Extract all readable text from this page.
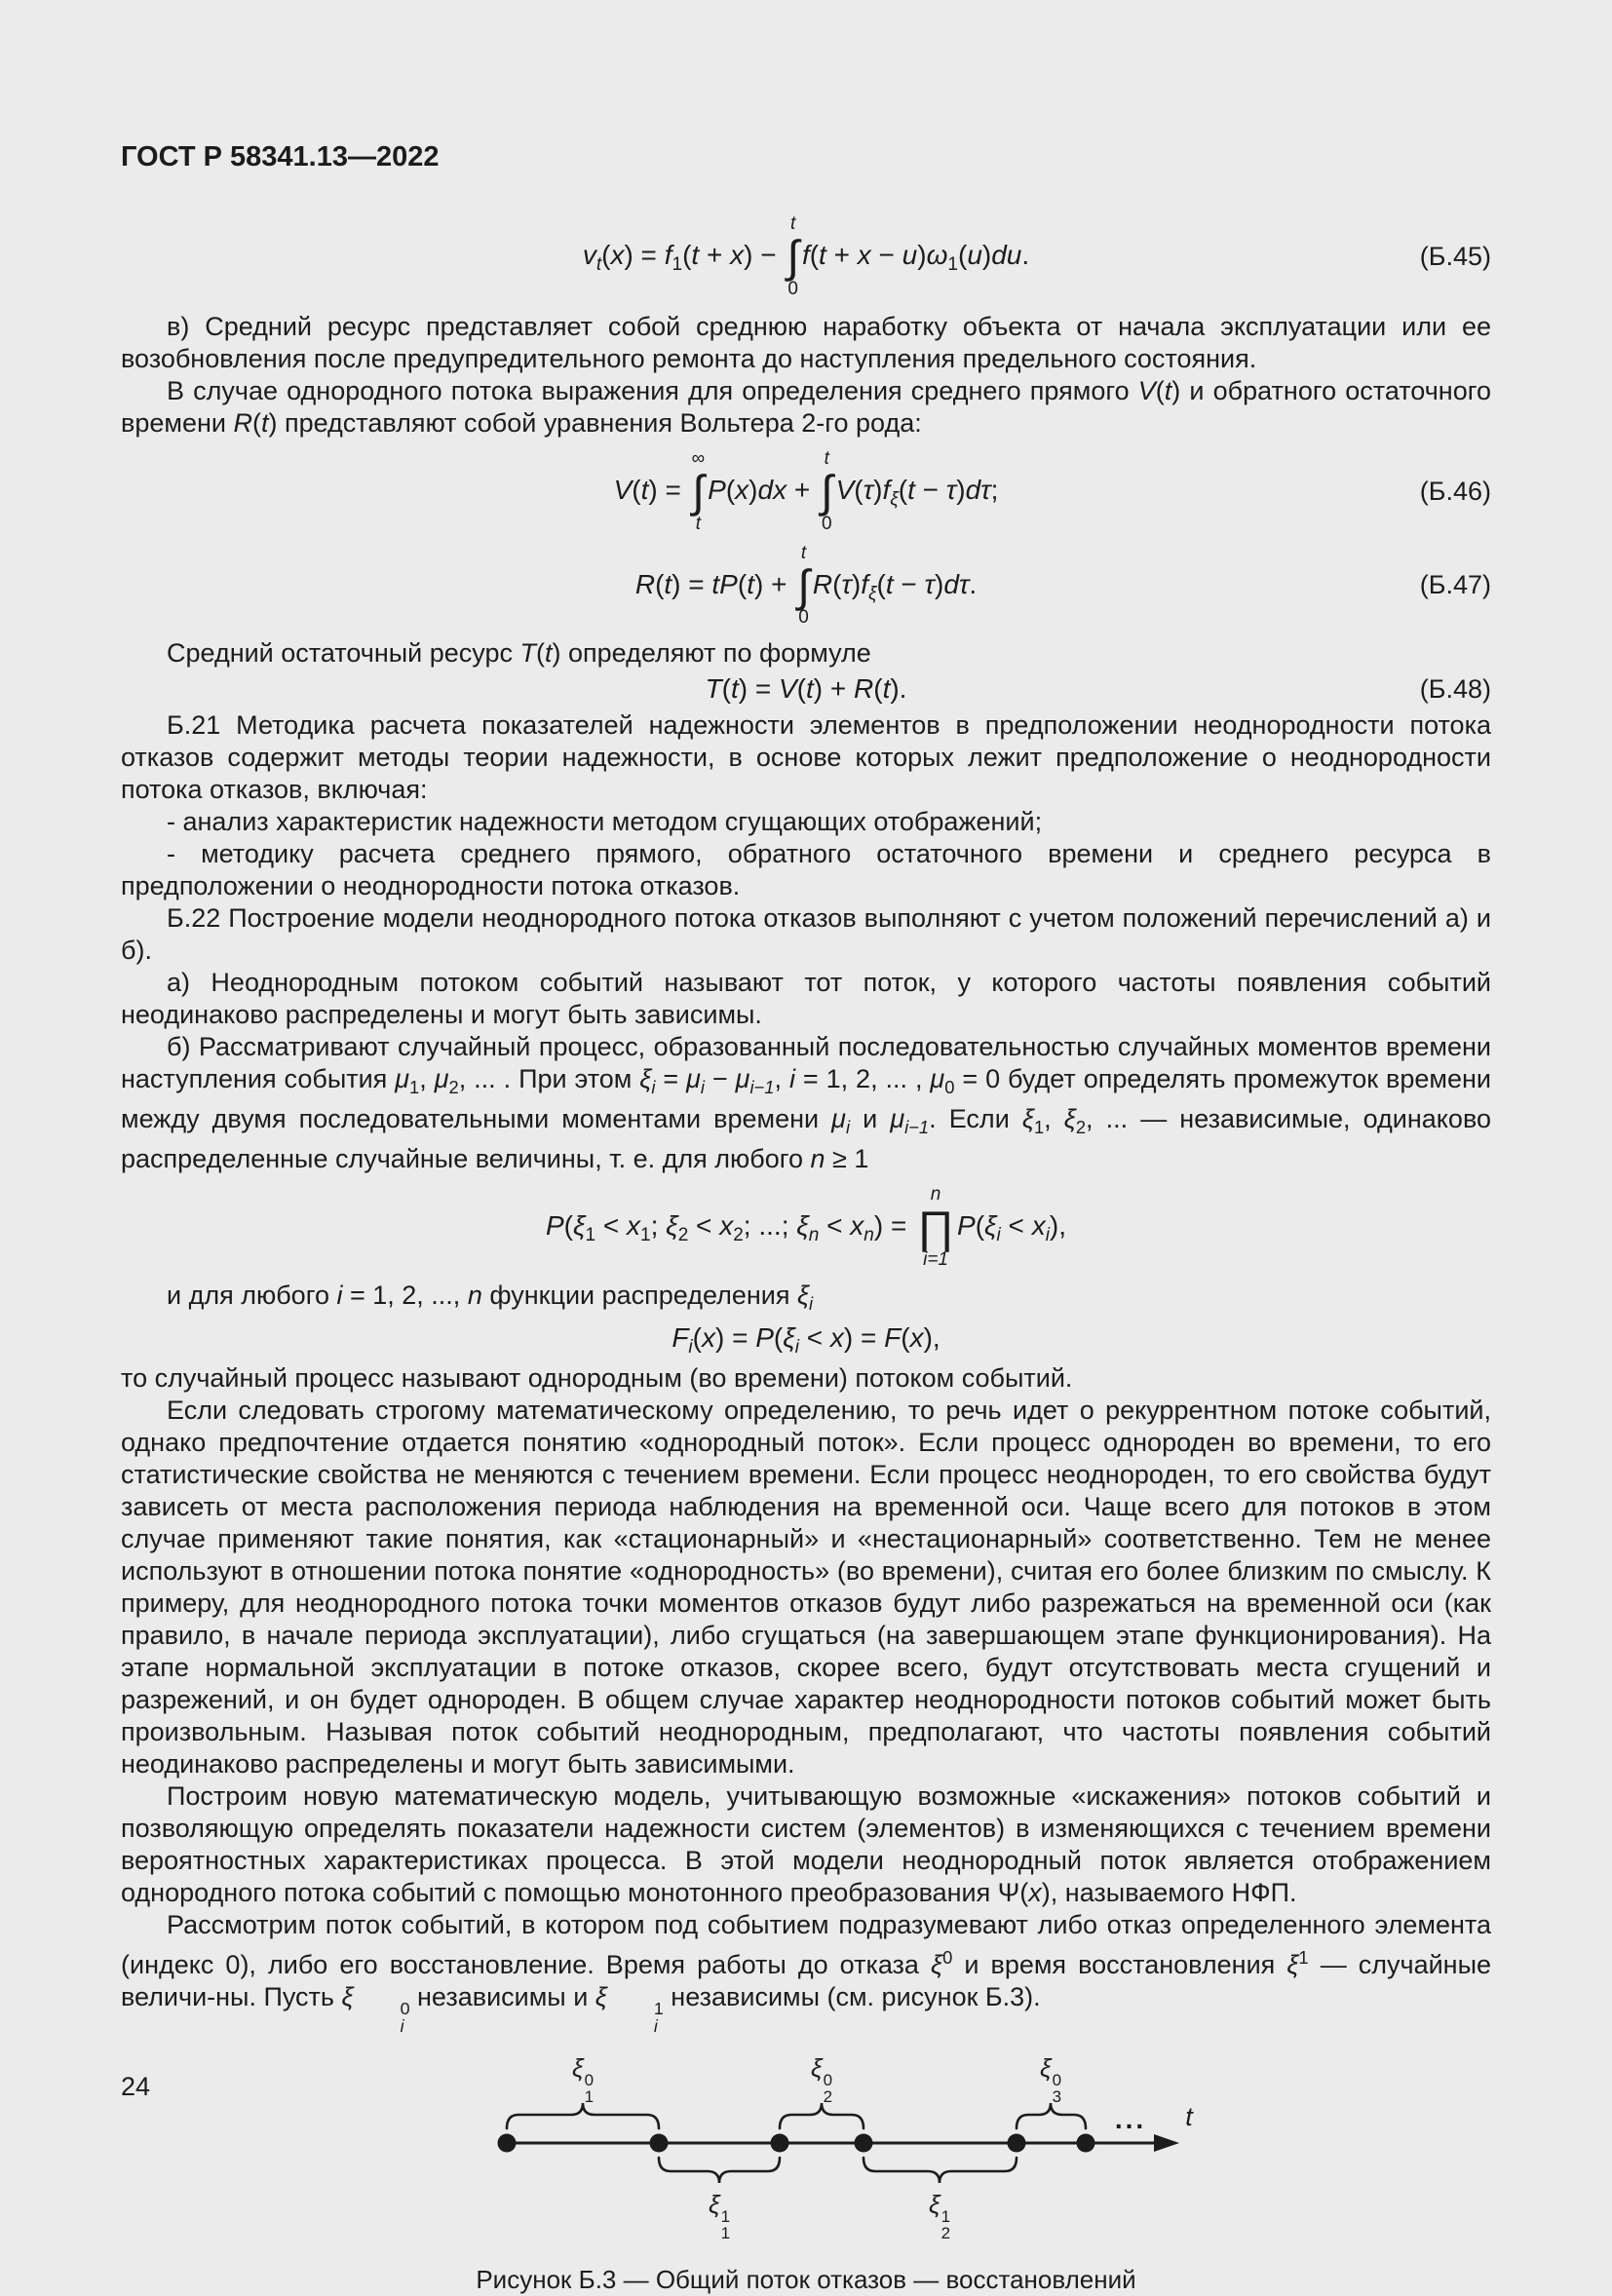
ГОСТ Р 58341.13—2022
$v_t(x) = f_1(t + x)$ −
t
∫
0
$f(t + x - u)\omega_1(u)du$.	(Б.45)

в) Средний ресурс представляет собой среднюю наработку объекта от начала эксплуатации или ее возобновления после предупредительного ремонта до наступления предельного состояния.

В случае однородного потока выражения для определения среднего прямого V(t) и обратного остаточного времени R(t) представляют собой уравнения Вольтера 2-го рода:

V(t) =
∞
∫
t
P(x)dx +
t
∫
0
$V(\tau)f_\xi(t - \tau)d\tau$;	(Б.46)
R(t) = tP(t) +
t
∫
0
$R(\tau)f_\xi(t - \tau)d\tau$.	(Б.47)

Средний остаточный ресурс T(t) определяют по формуле

T(t) = V(t) + R(t).	(Б.48)

Б.21 Методика расчета показателей надежности элементов в предположении неоднородности потока отказов содержит методы теории надежности, в основе которых лежит предположение о неоднородности потока отказов, включая:

- анализ характеристик надежности методом сгущающих отображений;

- методику расчета среднего прямого, обратного остаточного времени и среднего ресурса в предположении о неоднородности потока отказов.

Б.22 Построение модели неоднородного потока отказов выполняют с учетом положений перечислений а) и б).

а) Неоднородным потоком событий называют тот поток, у которого частоты появления событий неодинаково распределены и могут быть зависимы.

б) Рассматривают случайный процесс, образованный последовательностью случайных моментов времени наступления события $\mu_1$, $\mu_2$, ... . При этом $\xi_i = \mu_i - \mu_{i-1}$, i = 1, 2, ... , $\mu_0 = 0$ будет определять промежуток времени между двумя последовательными моментами времени $\mu_i$ и $\mu_{i-1}$. Если $\xi_1$, $\xi_2$, ... — независимые, одинаково распределенные случайные величины, т. е. для любого n ≥ 1

$P(\xi_1 < x_1$; $\xi_2 < x_2$; ...; $\xi_n < x_n$) =
n
∏
i=1
$P(\xi_i < x_i)$,

и для любого i = 1, 2, ..., n функции распределения $\xi_i$

$F_i(x) = P(\xi_i < x) = F(x)$,

то случайный процесс называют однородным (во времени) потоком событий.

Если следовать строгому математическому определению, то речь идет о рекуррентном потоке событий, однако предпочтение отдается понятию «однородный поток». Если процесс однороден во времени, то его статистические свойства не меняются с течением времени. Если процесс неоднороден, то его свойства будут зависеть от места расположения периода наблюдения на временной оси. Чаще всего для потоков в этом случае применяют такие понятия, как «стационарный» и «нестационарный» соответственно. Тем не менее используют в отношении потока понятие «однородность» (во времени), считая его более близким по смыслу. К примеру, для неоднородного потока точки моментов отказов будут либо разрежаться на временной оси (как правило, в начале периода эксплуатации), либо сгущаться (на завершающем этапе функционирования). На этапе нормальной эксплуатации в потоке отказов, скорее всего, будут отсутствовать места сгущений и разрежений, и он будет однороден. В общем случае характер неоднородности потоков событий может быть произвольным. Называя поток событий неоднородным, предполагают, что частоты появления событий неодинаково распределены и могут быть зависимыми.

Построим новую математическую модель, учитывающую возможные «искажения» потоков событий и позволяющую определять показатели надежности систем (элементов) в изменяющихся с течением времени вероятностных характеристиках процесса. В этой модели неоднородный поток является отображением однородного потока событий с помощью монотонного преобразования Ψ(x), называемого НФП.

Рассмотрим поток событий, в котором под событием подразумевают либо отказ определенного элемента (индекс 0), либо его восстановление. Время работы до отказа $\xi^0$ и время восстановления $\xi^1$ — случайные величи-ны. Пусть ξ	0
i
независимы и ξ	1
i
независимы (см. рисунок Б.3).

ξ 0
1
ξ 0
2
ξ 0
3
ξ 1
1
ξ 1
2
... t
Рисунок Б.3 — Общий поток отказов — восстановлений
24
